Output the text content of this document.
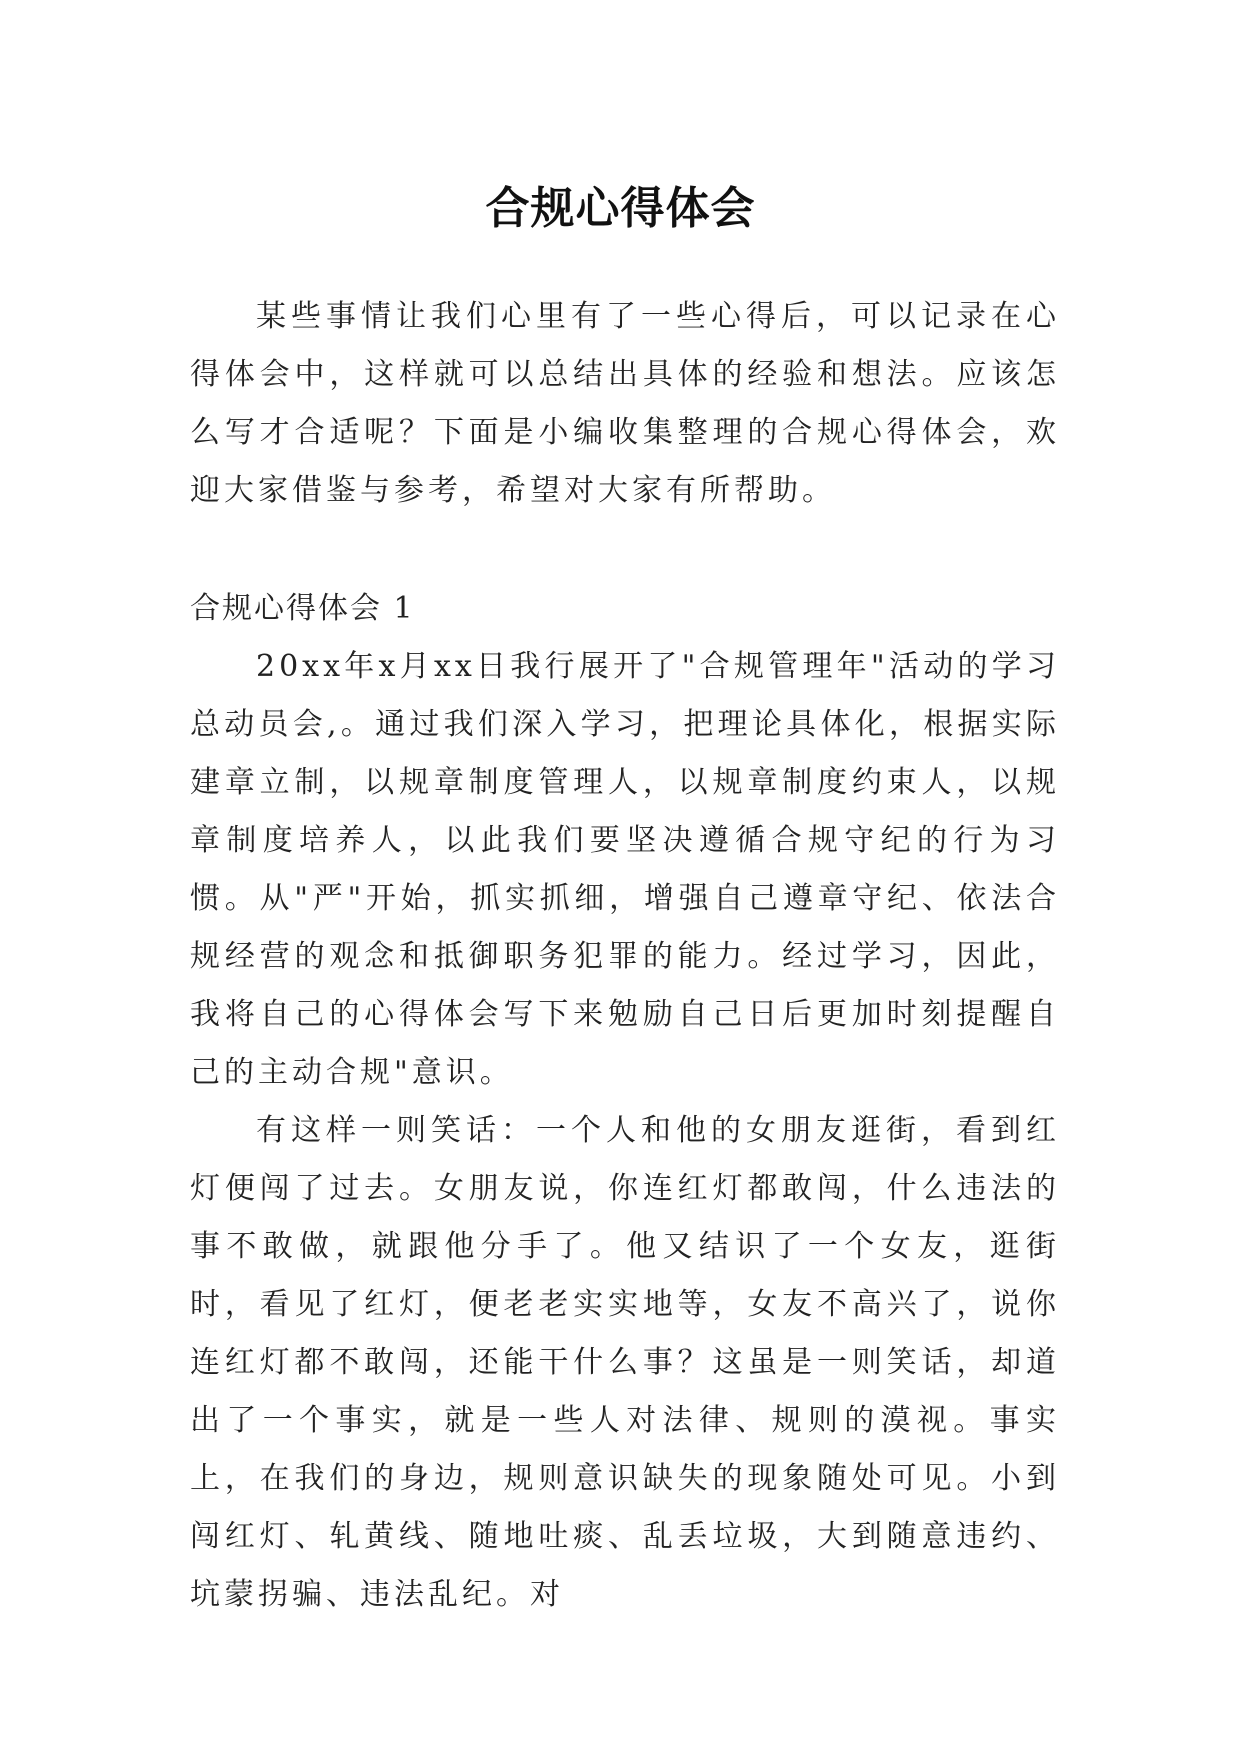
合规心得体会

某些事情让我们心里有了一些心得后，可以记录在心得体会中，这样就可以总结出具体的经验和想法。应该怎么写才合适呢？下面是小编收集整理的合规心得体会，欢迎大家借鉴与参考，希望对大家有所帮助。

合规心得体会 1

20xx年x月xx日我行展开了"合规管理年"活动的学习总动员会,。通过我们深入学习，把理论具体化，根据实际建章立制，以规章制度管理人，以规章制度约束人，以规章制度培养人，以此我们要坚决遵循合规守纪的行为习惯。从"严"开始，抓实抓细，增强自己遵章守纪、依法合规经营的观念和抵御职务犯罪的能力。经过学习，因此，我将自己的心得体会写下来勉励自己日后更加时刻提醒自己的主动合规"意识。

有这样一则笑话：一个人和他的女朋友逛街，看到红灯便闯了过去。女朋友说，你连红灯都敢闯，什么违法的事不敢做，就跟他分手了。他又结识了一个女友，逛街时，看见了红灯，便老老实实地等，女友不高兴了，说你连红灯都不敢闯，还能干什么事？这虽是一则笑话，却道出了一个事实，就是一些人对法律、规则的漠视。事实上，在我们的身边，规则意识缺失的现象随处可见。小到闯红灯、轧黄线、随地吐痰、乱丢垃圾，大到随意违约、坑蒙拐骗、违法乱纪。对
